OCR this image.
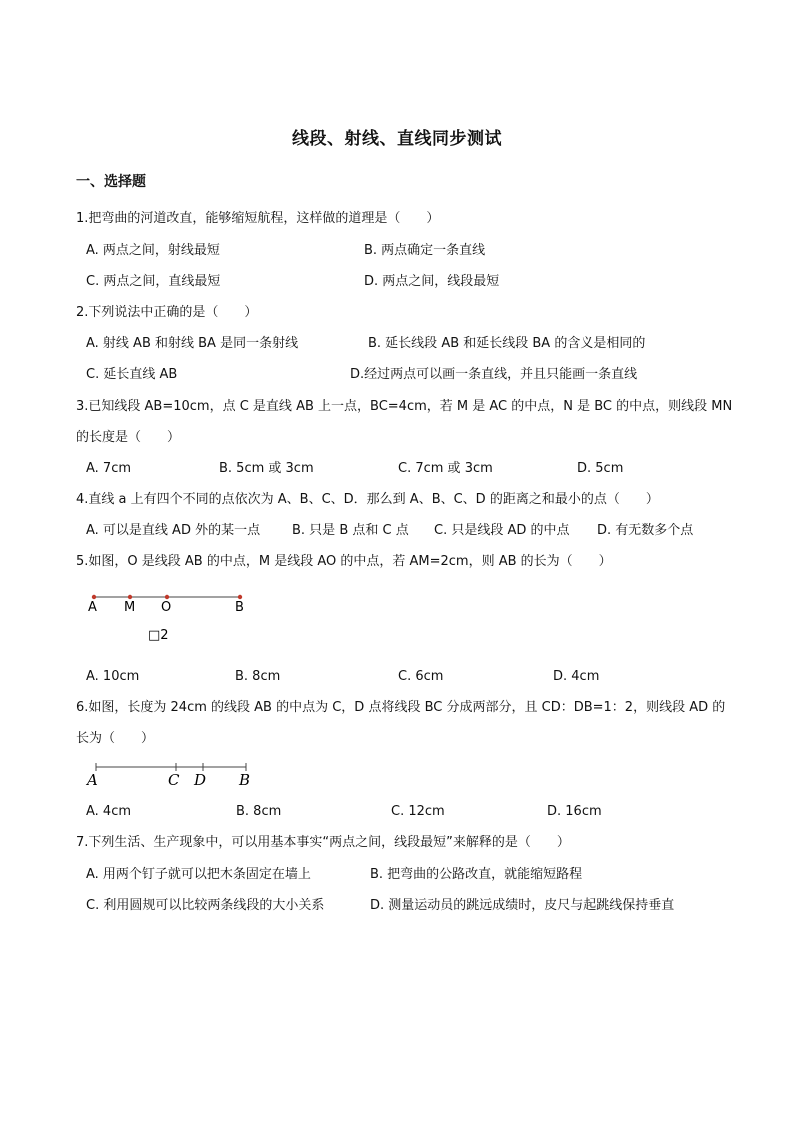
线段、射线、直线同步测试
一、选择题
1.把弯曲的河道改直，能够缩短航程，这样做的道理是（　　）
A. 两点之间，射线最短	B. 两点确定一条直线
C. 两点之间，直线最短	D. 两点之间，线段最短
2.下列说法中正确的是（　　）
A. 射线 AB 和射线 BA 是同一条射线	B. 延长线段 AB 和延长线段 BA 的含义是相同的
C. 延长直线 AB	D.经过两点可以画一条直线，并且只能画一条直线
3.已知线段 AB=10cm，点 C 是直线 AB 上一点，BC=4cm，若 M 是 AC 的中点，N 是 BC 的中点，则线段 MN
的长度是（　　）
A. 7cm	B. 5cm 或 3cm	C. 7cm 或 3cm	D. 5cm
4.直线 a 上有四个不同的点依次为 A、B、C、D．那么到 A、B、C、D 的距离之和最小的点（　　）
A. 可以是直线 AD 外的某一点 B. 只是 B 点和 C 点 C. 只是线段 AD 的中点 D. 有无数多个点
5.如图，O 是线段 AB 的中点，M 是线段 AO 的中点，若 AM=2cm，则 AB 的长为（　　）
A M O	B
□2
A. 10cm	B. 8cm	C. 6cm	D. 4cm
6.如图，长度为 24cm 的线段 AB 的中点为 C，D 点将线段 BC 分成两部分，且 CD：DB=1：2，则线段 AD 的
长为（　　）
A	C D B
A. 4cm	B. 8cm	C. 12cm	D. 16cm
7.下列生活、生产现象中，可以用基本事实“两点之间，线段最短”来解释的是（　　）
A. 用两个钉子就可以把木条固定在墙上	B. 把弯曲的公路改直，就能缩短路程
C. 利用圆规可以比较两条线段的大小关系	D. 测量运动员的跳远成绩时，皮尺与起跳线保持垂直
